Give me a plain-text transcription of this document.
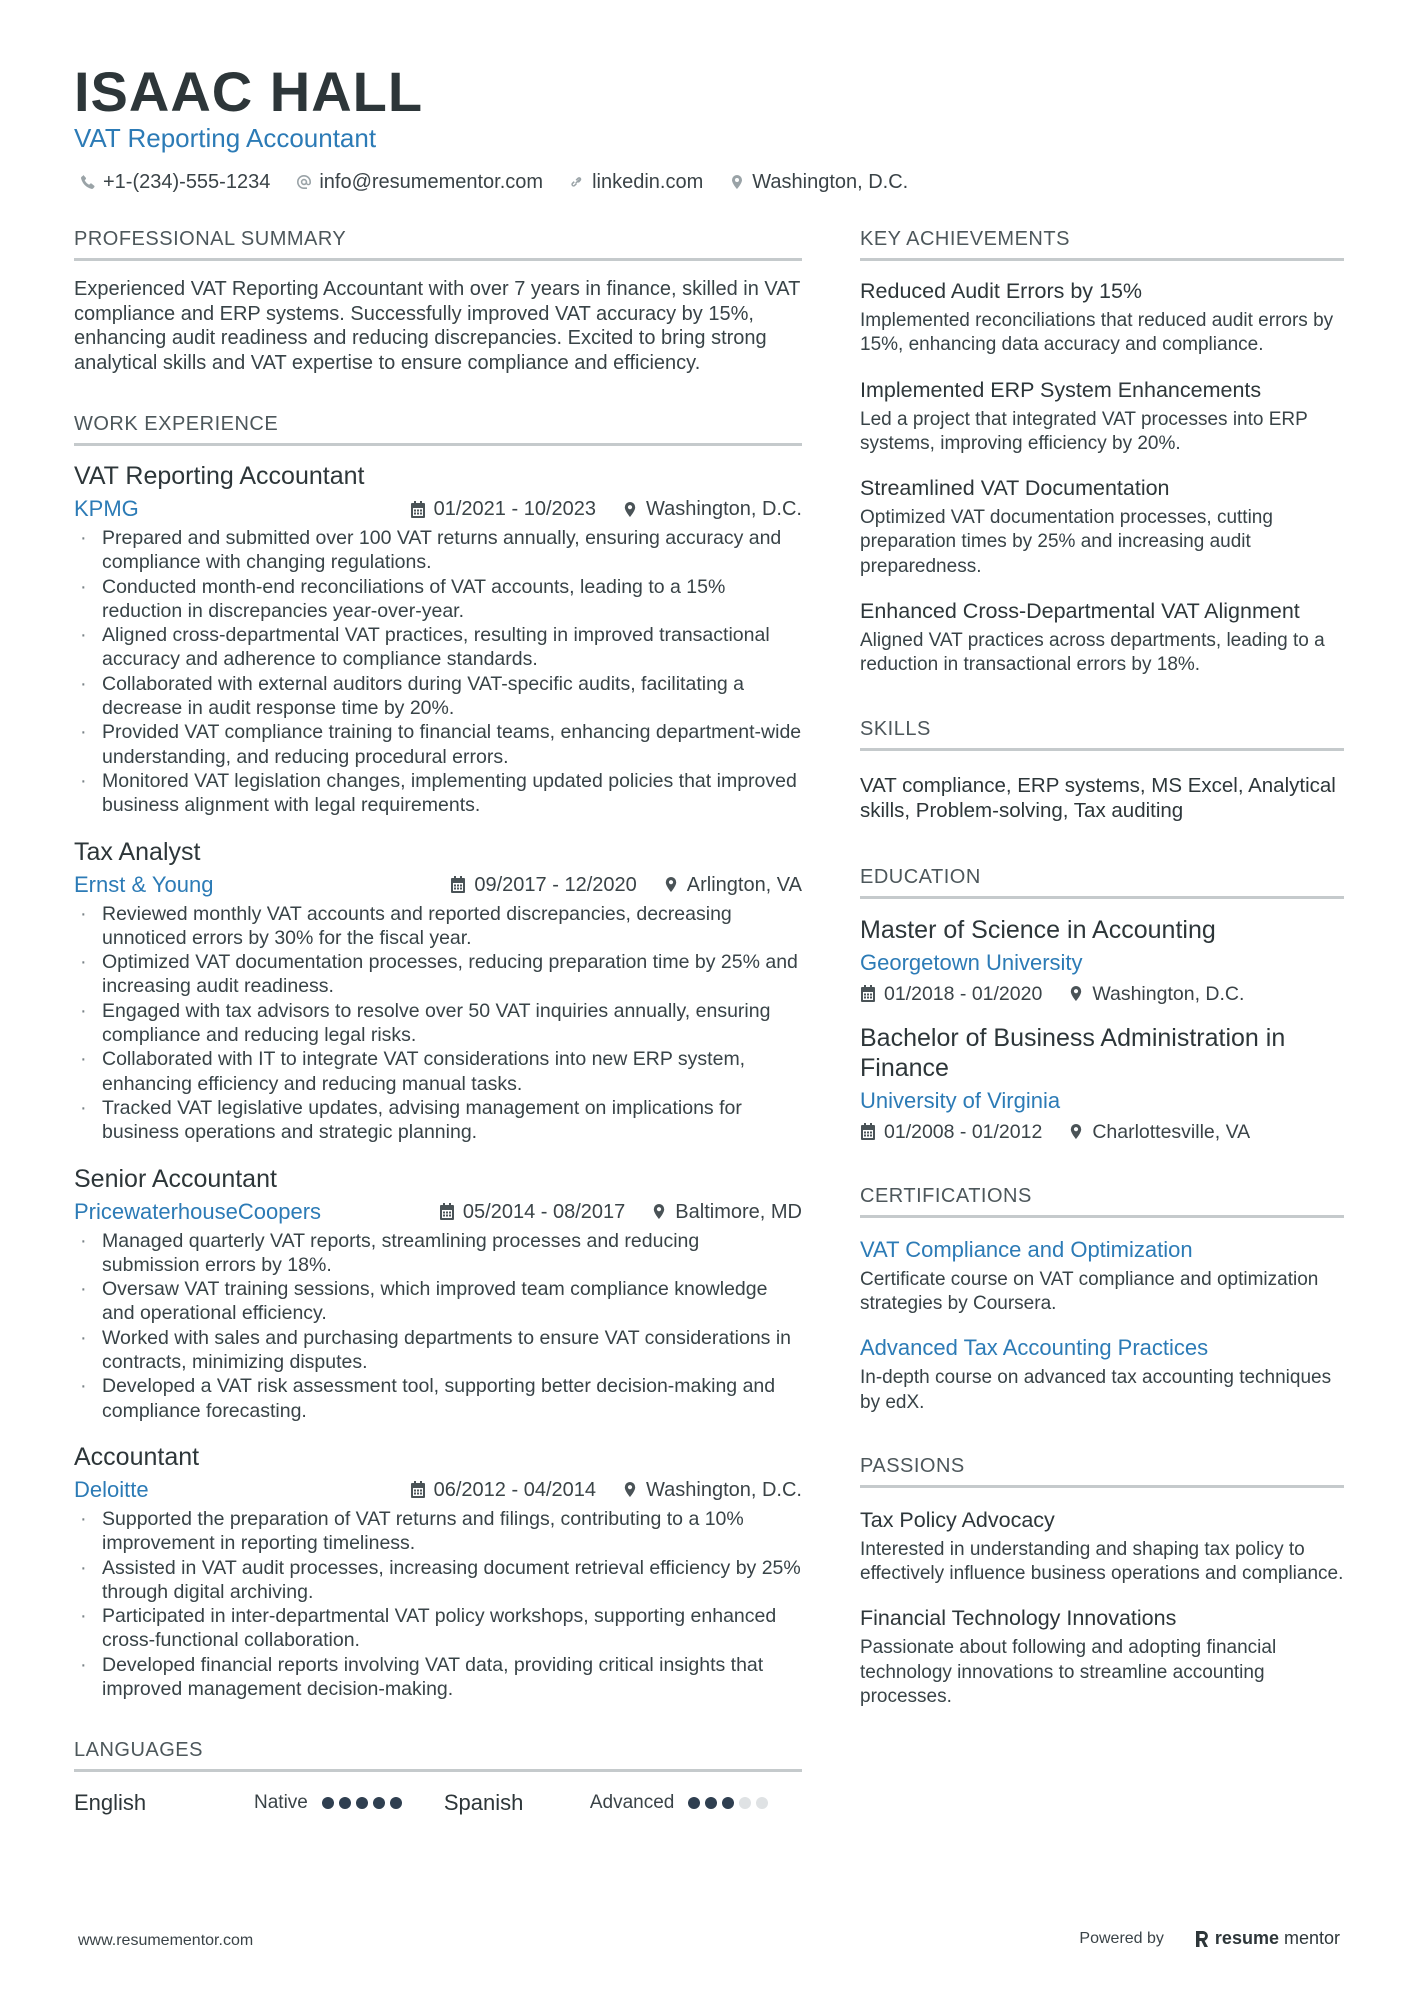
ISAAC HALL
VAT Reporting Accountant
+1-(234)-555-1234 info@resumementor.com linkedin.com Washington, D.C.
PROFESSIONAL SUMMARY
Experienced VAT Reporting Accountant with over 7 years in finance, skilled in VAT compliance and ERP systems. Successfully improved VAT accuracy by 15%, enhancing audit readiness and reducing discrepancies. Excited to bring strong analytical skills and VAT expertise to ensure compliance and efficiency.
WORK EXPERIENCE
VAT Reporting Accountant
KPMG	01/2021 - 10/2023	Washington, D.C.
· Prepared and submitted over 100 VAT returns annually, ensuring accuracy and compliance with changing regulations.
· Conducted month-end reconciliations of VAT accounts, leading to a 15% reduction in discrepancies year-over-year.
· Aligned cross-departmental VAT practices, resulting in improved transactional accuracy and adherence to compliance standards.
· Collaborated with external auditors during VAT-specific audits, facilitating a decrease in audit response time by 20%.
· Provided VAT compliance training to financial teams, enhancing department-wide understanding, and reducing procedural errors.
· Monitored VAT legislation changes, implementing updated policies that improved business alignment with legal requirements.
Tax Analyst
Ernst & Young	09/2017 - 12/2020	Arlington, VA
· Reviewed monthly VAT accounts and reported discrepancies, decreasing unnoticed errors by 30% for the fiscal year.
· Optimized VAT documentation processes, reducing preparation time by 25% and increasing audit readiness.
· Engaged with tax advisors to resolve over 50 VAT inquiries annually, ensuring compliance and reducing legal risks.
· Collaborated with IT to integrate VAT considerations into new ERP system, enhancing efficiency and reducing manual tasks.
· Tracked VAT legislative updates, advising management on implications for business operations and strategic planning.
Senior Accountant
PricewaterhouseCoopers	05/2014 - 08/2017	Baltimore, MD
· Managed quarterly VAT reports, streamlining processes and reducing submission errors by 18%.
· Oversaw VAT training sessions, which improved team compliance knowledge and operational efficiency.
· Worked with sales and purchasing departments to ensure VAT considerations in contracts, minimizing disputes.
· Developed a VAT risk assessment tool, supporting better decision-making and compliance forecasting.
Accountant
Deloitte	06/2012 - 04/2014	Washington, D.C.
· Supported the preparation of VAT returns and filings, contributing to a 10% improvement in reporting timeliness.
· Assisted in VAT audit processes, increasing document retrieval efficiency by 25% through digital archiving.
· Participated in inter-departmental VAT policy workshops, supporting enhanced cross-functional collaboration.
· Developed financial reports involving VAT data, providing critical insights that improved management decision-making.
LANGUAGES
English	Native	Spanish	Advanced
KEY ACHIEVEMENTS
Reduced Audit Errors by 15%
Implemented reconciliations that reduced audit errors by 15%, enhancing data accuracy and compliance.
Implemented ERP System Enhancements
Led a project that integrated VAT processes into ERP systems, improving efficiency by 20%.
Streamlined VAT Documentation
Optimized VAT documentation processes, cutting preparation times by 25% and increasing audit preparedness.
Enhanced Cross-Departmental VAT Alignment
Aligned VAT practices across departments, leading to a reduction in transactional errors by 18%.
SKILLS
VAT compliance, ERP systems, MS Excel, Analytical skills, Problem-solving, Tax auditing
EDUCATION
Master of Science in Accounting
Georgetown University
01/2018 - 01/2020	Washington, D.C.
Bachelor of Business Administration in Finance
University of Virginia
01/2008 - 01/2012	Charlottesville, VA
CERTIFICATIONS
VAT Compliance and Optimization
Certificate course on VAT compliance and optimization strategies by Coursera.
Advanced Tax Accounting Practices
In-depth course on advanced tax accounting techniques by edX.
PASSIONS
Tax Policy Advocacy
Interested in understanding and shaping tax policy to effectively influence business operations and compliance.
Financial Technology Innovations
Passionate about following and adopting financial technology innovations to streamline accounting processes.
www.resumementor.com	Powered by	resume mentor
